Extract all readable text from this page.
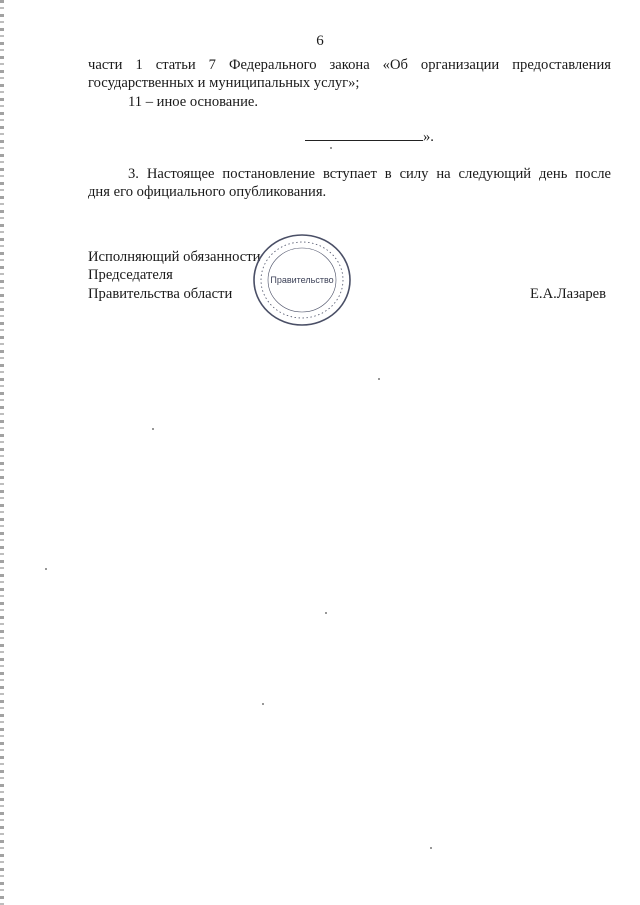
6
части 1 статьи 7 Федерального закона «Об организации предоставления
государственных и муниципальных услуг»;
11 – иное основание.
».
3. Настоящее постановление вступает в силу на следующий день после
дня его официального опубликования.
Исполняющий обязанности
Председателя
Правительства области	Е.А.Лазарев
Правительство
